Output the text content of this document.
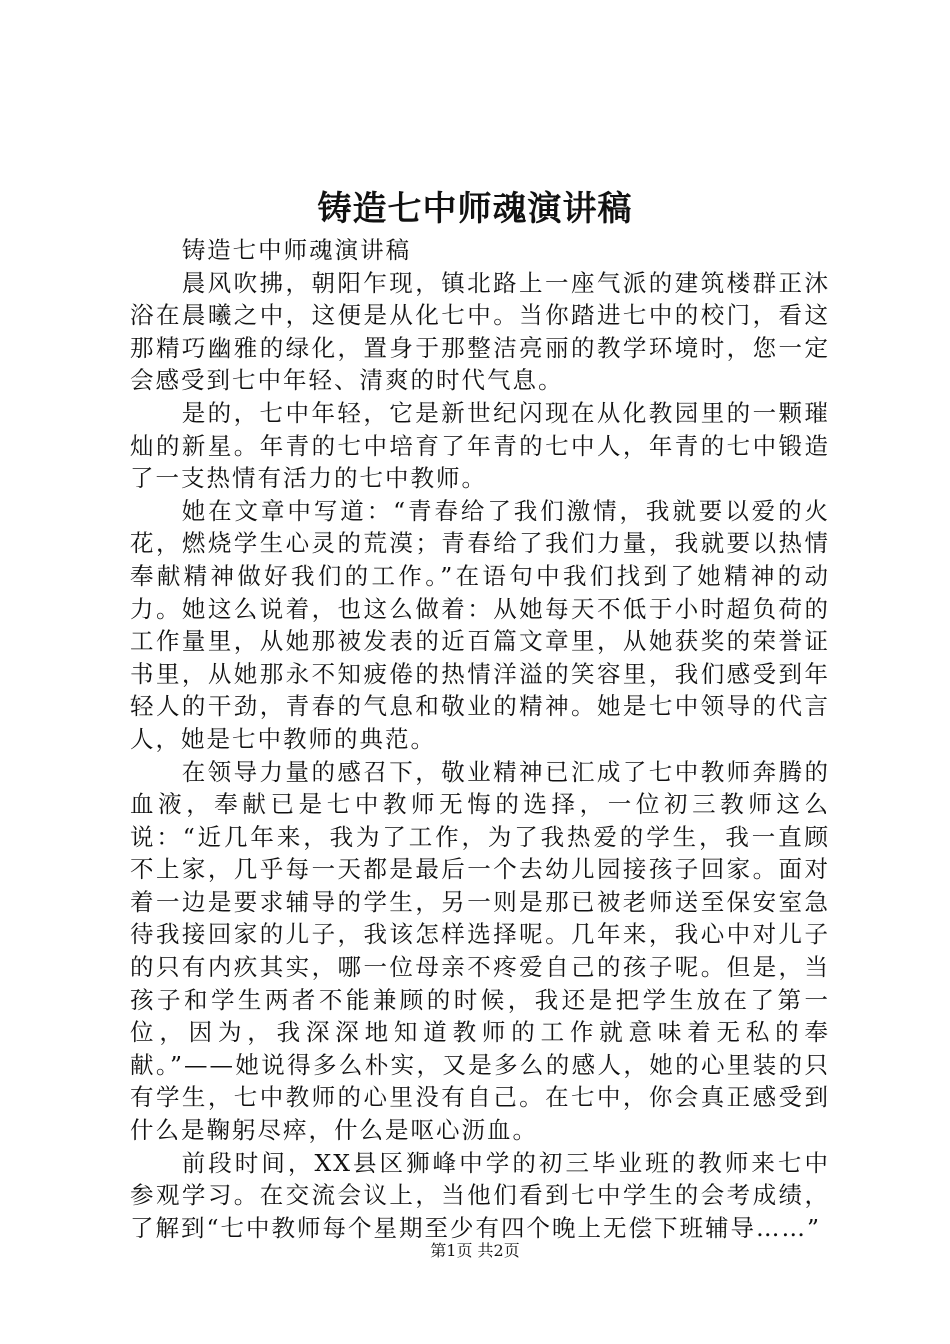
铸造七中师魂演讲稿

铸造七中师魂演讲稿

晨风吹拂，朝阳乍现，镇北路上一座气派的建筑楼群正沐浴在晨曦之中，这便是从化七中。当你踏进七中的校门，看这那精巧幽雅的绿化，置身于那整洁亮丽的教学环境时，您一定会感受到七中年轻、清爽的时代气息。

是的，七中年轻，它是新世纪闪现在从化教园里的一颗璀灿的新星。年青的七中培育了年青的七中人，年青的七中锻造了一支热情有活力的七中教师。

她在文章中写道：“青春给了我们激情，我就要以爱的火花，燃烧学生心灵的荒漠；青春给了我们力量，我就要以热情奉献精神做好我们的工作。”在语句中我们找到了她精神的动力。她这么说着，也这么做着：从她每天不低于小时超负荷的工作量里，从她那被发表的近百篇文章里，从她获奖的荣誉证书里，从她那永不知疲倦的热情洋溢的笑容里，我们感受到年轻人的干劲，青春的气息和敬业的精神。她是七中领导的代言人，她是七中教师的典范。

在领导力量的感召下，敬业精神已汇成了七中教师奔腾的血液，奉献已是七中教师无悔的选择，一位初三教师这么说：“近几年来，我为了工作，为了我热爱的学生，我一直顾不上家，几乎每一天都是最后一个去幼儿园接孩子回家。面对着一边是要求辅导的学生，另一则是那已被老师送至保安室急待我接回家的儿子，我该怎样选择呢。几年来，我心中对儿子的只有内疚其实，哪一位母亲不疼爱自己的孩子呢。但是，当孩子和学生两者不能兼顾的时候，我还是把学生放在了第一位，因为，我深深地知道教师的工作就意味着无私的奉献。”——她说得多么朴实，又是多么的感人，她的心里装的只有学生，七中教师的心里没有自己。在七中，你会真正感受到什么是鞠躬尽瘁，什么是呕心沥血。

前段时间，XX县区狮峰中学的初三毕业班的教师来七中参观学习。在交流会议上，当他们看到七中学生的会考成绩，了解到“七中教师每个星期至少有四个晚上无偿下班辅导……”

第1页 共2页
